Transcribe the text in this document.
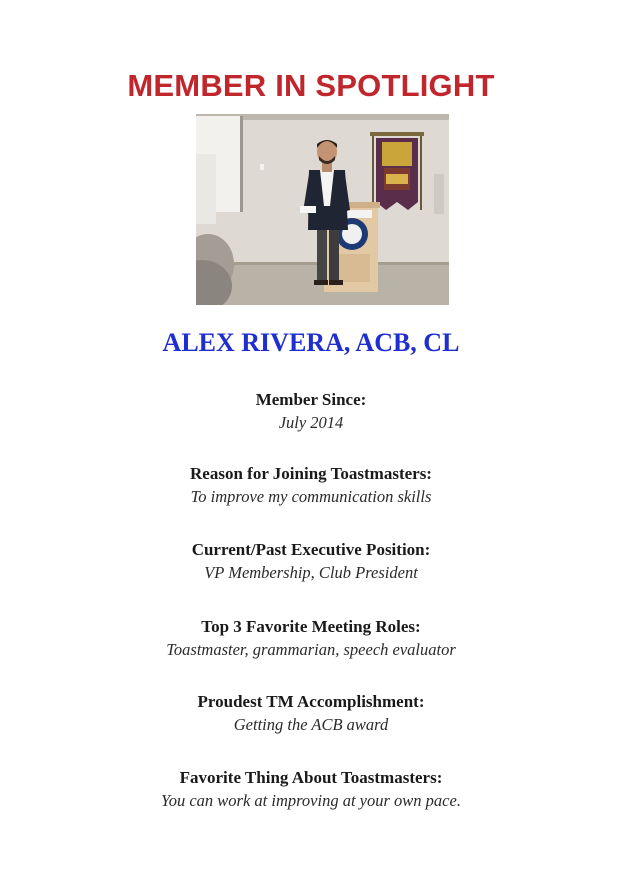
MEMBER IN SPOTLIGHT
ALEX RIVERA, ACB, CL
Member Since:
July 2014
Reason for Joining Toastmasters:
To improve my communication skills
Current/Past Executive Position:
VP Membership, Club President
Top 3 Favorite Meeting Roles:
Toastmaster, grammarian, speech evaluator
Proudest TM Accomplishment:
Getting the ACB award
Favorite Thing About Toastmasters:
You can work at improving at your own pace.
